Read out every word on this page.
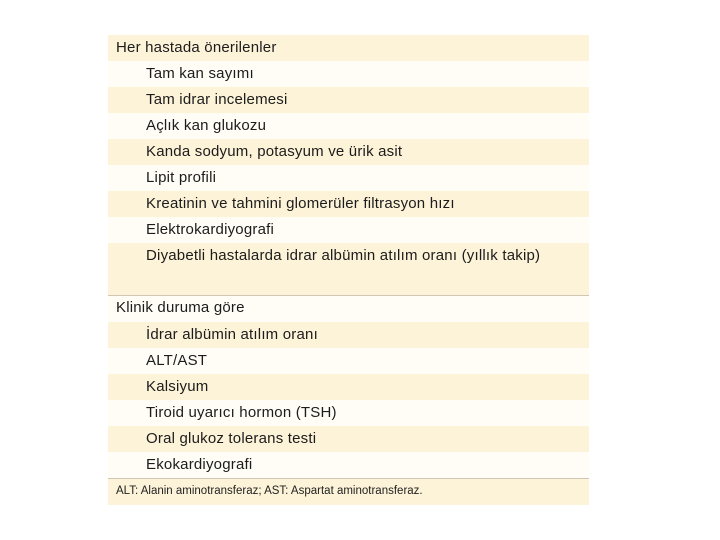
Her hastada önerilenler
Tam kan sayımı
Tam idrar incelemesi
Açlık kan glukozu
Kanda sodyum, potasyum ve ürik asit
Lipit profili
Kreatinin ve tahmini glomerüler filtrasyon hızı
Elektrokardiyografi
Diyabetli hastalarda idrar albümin atılım oranı (yıllık takip)
Klinik duruma göre
İdrar albümin atılım oranı
ALT/AST
Kalsiyum
Tiroid uyarıcı hormon (TSH)
Oral glukoz tolerans testi
Ekokardiyografi
ALT: Alanin aminotransferaz; AST: Aspartat aminotransferaz.
